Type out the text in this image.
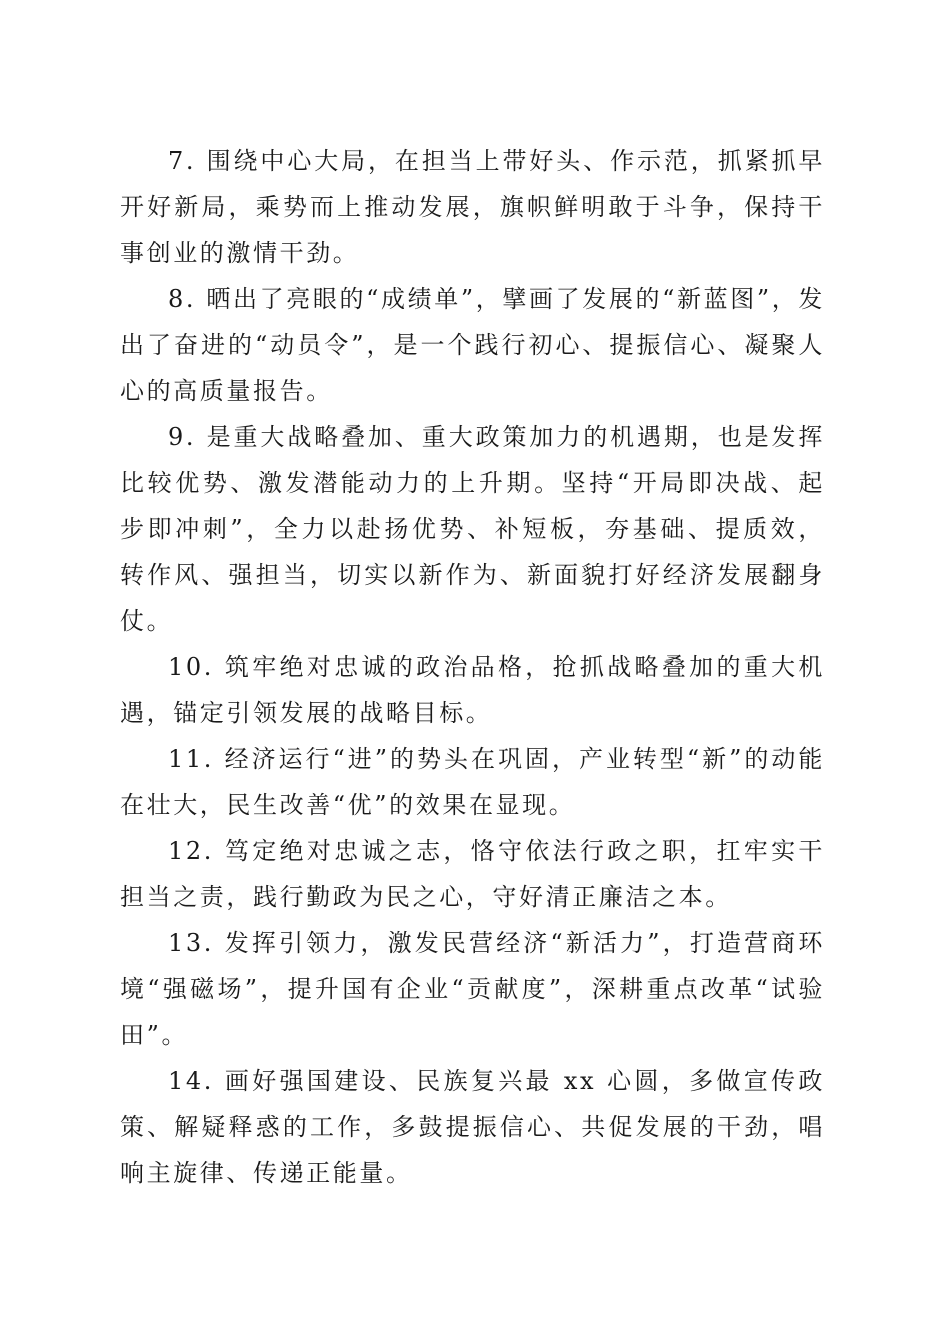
7. 围绕中心大局，在担当上带好头、作示范，抓紧抓早开好新局，乘势而上推动发展，旗帜鲜明敢于斗争，保持干事创业的激情干劲。

8. 晒出了亮眼的“成绩单”，擘画了发展的“新蓝图”，发出了奋进的“动员令”，是一个践行初心、提振信心、凝聚人心的高质量报告。

9. 是重大战略叠加、重大政策加力的机遇期，也是发挥比较优势、激发潜能动力的上升期。坚持“开局即决战、起步即冲刺”，全力以赴扬优势、补短板，夯基础、提质效，转作风、强担当，切实以新作为、新面貌打好经济发展翻身仗。

10. 筑牢绝对忠诚的政治品格，抢抓战略叠加的重大机遇，锚定引领发展的战略目标。

11. 经济运行“进”的势头在巩固，产业转型“新”的动能在壮大，民生改善“优”的效果在显现。

12. 笃定绝对忠诚之志，恪守依法行政之职，扛牢实干担当之责，践行勤政为民之心，守好清正廉洁之本。

13. 发挥引领力，激发民营经济“新活力”，打造营商环境“强磁场”，提升国有企业“贡献度”，深耕重点改革“试验田”。

14. 画好强国建设、民族复兴最 xx 心圆，多做宣传政策、解疑释惑的工作，多鼓提振信心、共促发展的干劲，唱响主旋律、传递正能量。
